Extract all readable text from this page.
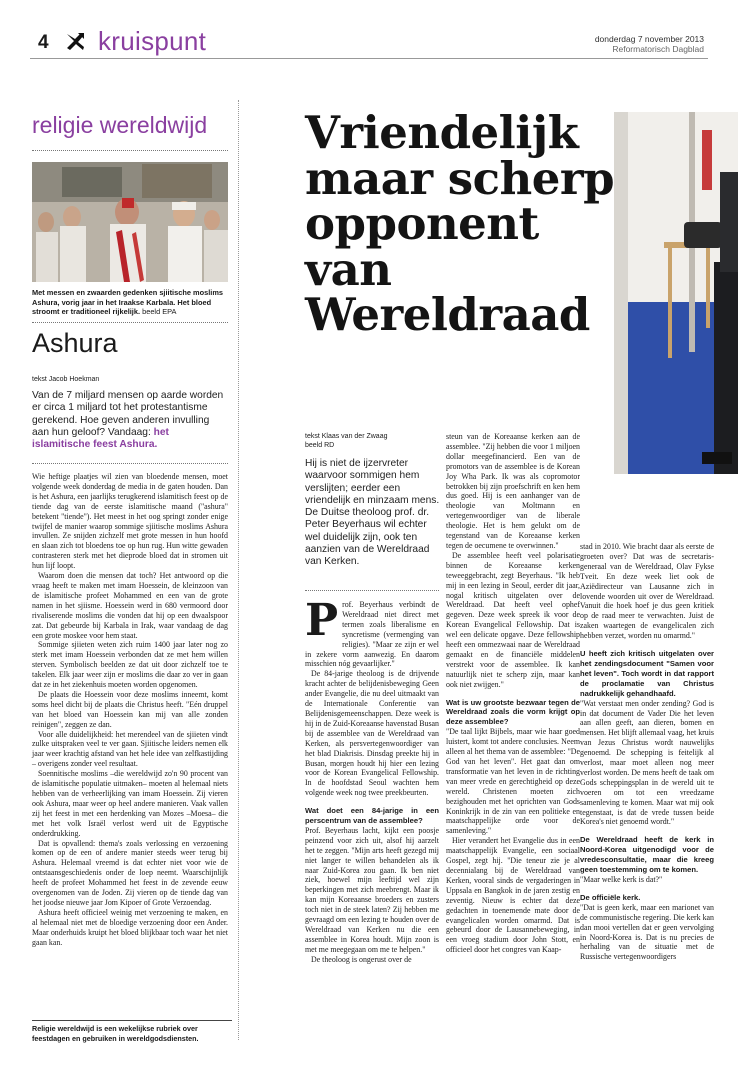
4 kruispunt	donderdag 7 november 2013
Reformatorisch Dagblad
religie wereldwijd
Met messen en zwaarden gedenken sjiitische moslims Ashura, vorig jaar in het Iraakse Karbala. Het bloed stroomt er traditioneel rijkelijk. beeld EPA
Ashura
tekst Jacob Hoekman
Van de 7 miljard mensen op aarde worden er circa 1 miljard tot het protestantisme gerekend. Hoe geven anderen invulling aan hun geloof? Vandaag: het islamitische feest Ashura.

Wie heftige plaatjes wil zien van bloedende mensen, moet volgende week donderdag de media in de gaten houden. Dan is het Ashura, een jaarlijks terugkerend islamitisch feest op de tiende dag van de eerste islamitische maand ("ashura" betekent "tiende"). Het meest in het oog springt zonder enige twijfel de manier waarop sommige sjiitische moslims Ashura invullen. Ze snijden zichzelf met grote messen in hun hoofd en slaan zich tot bloedens toe op hun rug. Hun witte gewaden contrasteren sterk met het dieprode bloed dat in stromen uit hun lijf loopt.

Waarom doen die mensen dat toch? Het antwoord op die vraag heeft te maken met imam Hoessein, de kleinzoon van de islamitische profeet Mohammed en een van de grote namen in het sjiisme. Hoessein werd in 680 vermoord door rivaliserende moslims die vonden dat hij op een dwaalspoor zat. Dat gebeurde bij Karbala in Irak, waar vandaag de dag een grote moskee voor hem staat.

Sommige sjiieten weten zich ruim 1400 jaar later nog zo sterk met imam Hoessein verbonden dat ze met hem willen sterven. Symbolisch beelden ze dat uit door zichzelf toe te takelen. Elk jaar weer zijn er moslims die daar zo ver in gaan dat ze in het ziekenhuis moeten worden opgenomen.

De plaats die Hoessein voor deze moslims inneemt, komt soms heel dicht bij de plaats die Christus heeft. "Eén druppel van het bloed van Hoessein kan mij van alle zonden reinigen", zeggen ze dan.

Voor alle duidelijkheid: het merendeel van de sjiieten vindt zulke uitspraken veel te ver gaan. Sjiitische leiders nemen elk jaar weer krachtig afstand van het hele idee van zelfkastijding – overigens zonder veel resultaat.

Soennitische moslims –die wereldwijd zo'n 90 procent van de islamitische populatie uitmaken– moeten al helemaal niets hebben van de verheerlijking van imam Hoessein. Zij vieren ook Ashura, maar weer op heel andere manieren. Vaak vallen zij het feest in met een herdenking van Mozes –Moesa– die met het volk Israël verlost werd uit de Egyptische onderdrukking.

Dat is opvallend: thema's zoals verlossing en verzoening komen op de een of andere manier steeds weer terug bij Ashura. Helemaal vreemd is dat echter niet voor wie de ontstaansgeschiedenis onder de loep neemt. Waarschijnlijk heeft de profeet Mohammed het feest in de zevende eeuw overgenomen van de Joden. Zij vieren op de tiende dag van het joodse nieuwe jaar Jom Kipoer of Grote Verzoendag.

Ashura heeft officieel weinig met verzoening te maken, en al helemaal niet met de bloedige verzoening door een Ander. Maar onderhuids kruipt het bloed blijkbaar toch waar het niet gaan kan.

Religie wereldwijd is een wekelijkse rubriek over feestdagen en gebruiken in wereldgodsdiensten.
Vriendelijk maar scherp opponent van Wereldraad
tekst Klaas van der Zwaag
beeld RD
Hij is niet de ijzervreter waarvoor sommigen hem verslijten; eerder een vriendelijk en minzaam mens. De Duitse theoloog prof. dr. Peter Beyerhaus wil echter wel duidelijk zijn, ook ten aanzien van de Wereldraad van Kerken.
P rof. Beyerhaus verbindt de Wereldraad niet direct met termen zoals liberalisme en syncretisme (vermenging van religies). "Maar ze zijn er wel in zekere vorm aanwezig. En daarom misschien nóg gevaarlijker."

De 84-jarige theoloog is de drijvende kracht achter de belijdenisbeweging Geen ander Evangelie, die nu deel uitmaakt van de Internationale Conferentie van Belijdenisgemeenschappen. Deze week is hij in de Zuid-Koreaanse havenstad Busan bij de assemblee van de Wereldraad van Kerken, als persvertegenwoordiger van het blad Diakrisis. Dinsdag preekte hij in Busan, morgen houdt hij hier een lezing voor de Korean Evangelical Fellowship. In de hoofdstad Seoul wachten hem volgende week nog twee preekbeurten.

Wat doet een 84-jarige in een perscentrum van de assemblee?

Prof. Beyerhaus lacht, kijkt een poosje peinzend voor zich uit, alsof hij aarzelt het te zeggen. "Mijn arts heeft gezegd mij niet langer te willen behandelen als ik naar Zuid-Korea zou gaan. Ik ben niet ziek, hoewel mijn leeftijd wel zijn beperkingen met zich meebrengt. Maar ik kan mijn Koreaanse broeders en zusters toch niet in de steek laten? Zij hebben me gevraagd om een lezing te houden over de Wereldraad van Kerken nu die een assemblee in Korea houdt. Mijn zoon is met me meegegaan om me te helpen."

De theoloog is ongerust over de

steun van de Koreaanse kerken aan de assemblee. "Zij hebben die voor 1 miljoen dollar meegefinancierd. Een van de promotors van de assemblee is de Korean Joy Wha Park. Ik was als copromotor betrokken bij zijn proefschrift en ken hem dus goed. Hij is een aanhanger van de theologie van Moltmann en vertegenwoordiger van de liberale theologie. Het is hem gelukt om de tegenstand van de Koreaanse kerken tegen de oecumene te overwinnen."

De assemblee heeft veel polarisatie binnen de Koreaanse kerken teweeggebracht, zegt Beyerhaus. "Ik heb mij in een lezing in Seoul, eerder dit jaar, nogal kritisch uitgelaten over de Wereldraad. Dat heeft veel ophef gegeven. Deze week spreek ik voor de Korean Evangelical Fellowship. Dat is wel een delicate opgave. Deze fellowship heeft een ommezwaai naar de Wereldraad gemaakt en de financiële middelen verstrekt voor de assemblee. Ik kan natuurlijk niet te scherp zijn, maar kan ook niet zwijgen."

Wat is uw grootste bezwaar tegen de Wereldraad zoals die vorm krijgt op deze assemblee?

"De taal lijkt Bijbels, maar wie haar goed luistert, komt tot andere conclusies. Neem alleen al het thema van de assemblee: "De God van het leven". Het gaat dan om transformatie van het leven in de richting van meer vrede en gerechtigheid op deze wereld. Christenen moeten zich bezighouden met het oprichten van Gods Koninkrijk in de zin van een politieke en maatschappelijke orde voor de samenleving."

Hier verandert het Evangelie dus in een maatschappelijk Evangelie, een sociaal Gospel, zegt hij. "Die teneur zie je al decennialang bij de Wereldraad van Kerken, vooral sinds de vergaderingen in Uppsala en Bangkok in de jaren zestig en zeventig. Nieuw is echter dat deze gedachten in toenemende mate door de evangelicalen worden omarmd. Dat is gebeurd door de Lausannebeweging, in een vroeg stadium door John Stott, en officieel door het congres van Kaap-

stad in 2010. Wie bracht daar als eerste de groeten over? Dat was de secretaris-generaal van de Wereldraad, Olav Fykse Tveit. En deze week liet ook de Aziëdirecteur van Lausanne zich in lovende woorden uit over de Wereldraad. Vanuit die hoek hoef je dus geen kritiek op de raad meer te verwachten. Juist de zaken waartegen de evangelicalen zich hebben verzet, worden nu omarmd."

U heeft zich kritisch uitgelaten over het zendingsdocument "Samen voor het leven". Toch wordt in dat rapport de proclamatie van Christus nadrukkelijk gehandhaafd.

"Wat verstaat men onder zending? God is in dat document de Vader Die het leven aan allen geeft, aan dieren, bomen en mensen. Het blijft allemaal vaag, het kruis van Jezus Christus wordt nauwelijks genoemd. De schepping is feitelijk al verlost, maar moet alleen nog meer verlost worden. De mens heeft de taak om Gods scheppingsplan in de wereld uit te voeren om tot een vreedzame samenleving te komen. Maar wat mij ook tegenstaat, is dat de vrede tussen beide Korea's niet genoemd wordt."

De Wereldraad heeft de kerk in Noord-Korea uitgenodigd voor de vredesconsultatie, maar die kreeg geen toestemming om te komen.

"Maar welke kerk is dat?"

De officiële kerk.

"Dat is geen kerk, maar een marionet van de communistische regering. Die kerk kan dan mooi vertellen dat er geen vervolging in Noord-Korea is. Dat is nu precies de herhaling van de situatie met de Russische vertegenwoordigers
